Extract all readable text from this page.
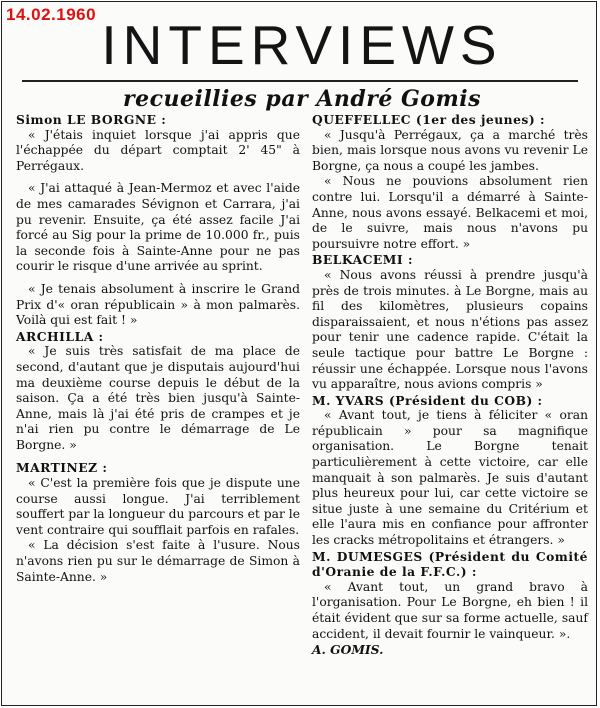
14.02.1960 INTERVIEWS
recueillies par André Gomis

Simon LE BORGNE :

« J'étais inquiet lorsque j'ai appris que l'échappée du départ comptait 2' 45" à Perrégaux.

« J'ai attaqué à Jean-Mermoz et avec l'aide de mes camarades Sévignon et Carrara, j'ai pu revenir. Ensuite, ça été assez facile J'ai forcé au Sig pour la prime de 10.000 fr., puis la seconde fois à Sainte-Anne pour ne pas courir le risque d'une arrivée au sprint.

« Je tenais absolument à inscrire le Grand Prix d'« oran républicain » à mon palmarès. Voilà qui est fait ! »

ARCHILLA :

« Je suis très satisfait de ma place de second, d'autant que je disputais aujourd'hui ma deuxième course depuis le début de la saison. Ça a été très bien jusqu'à Sainte-Anne, mais là j'ai été pris de crampes et je n'ai rien pu contre le démarrage de Le Borgne. »

MARTINEZ :

« C'est la première fois que je dispute une course aussi longue. J'ai terriblement souffert par la longueur du parcours et par le vent contraire qui soufflait parfois en rafales.

« La décision s'est faite à l'usure. Nous n'avons rien pu sur le démarrage de Simon à Sainte-Anne. »

QUEFFELLEC (1er des jeunes) :

« Jusqu'à Perrégaux, ça a marché très bien, mais lorsque nous avons vu revenir Le Borgne, ça nous a coupé les jambes.

« Nous ne pouvions absolument rien contre lui. Lorsqu'il a démarré à Sainte-Anne, nous avons essayé. Belkacemi et moi, de le suivre, mais nous n'avons pu poursuivre notre effort. »

BELKACEMI :

« Nous avons réussi à prendre jusqu'à près de trois minutes. à Le Borgne, mais au fil des kilomètres, plusieurs copains disparaissaient, et nous n'étions pas assez pour tenir une cadence rapide. C'était la seule tactique pour battre Le Borgne : réussir une échappée. Lorsque nous l'avons vu apparaître, nous avions compris »

M. YVARS (Président du COB) :

« Avant tout, je tiens à féliciter « oran républicain » pour sa magnifique organisation. Le Borgne tenait particulièrement à cette victoire, car elle manquait à son palmarès. Je suis d'autant plus heureux pour lui, car cette victoire se situe juste à une semaine du Critérium et elle l'aura mis en confiance pour affronter les cracks métropolitains et étrangers. »

M. DUMESGES (Président du Comité d'Oranie de la F.F.C.) :

« Avant tout, un grand bravo à l'organisation. Pour Le Borgne, eh bien ! il était évident que sur sa forme actuelle, sauf accident, il devait fournir le vainqueur. ».

A. GOMIS.
